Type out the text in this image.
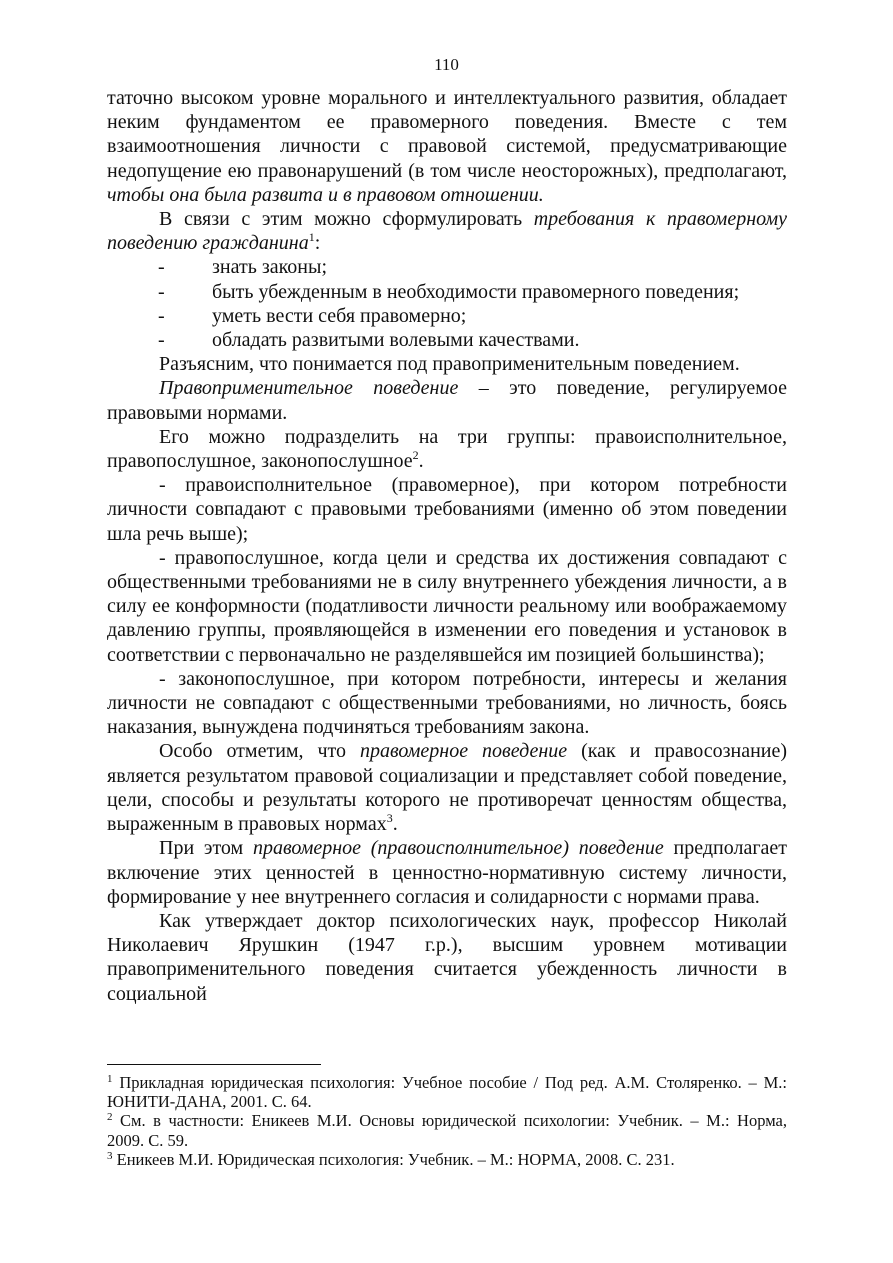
110

таточно высоком уровне морального и интеллектуального развития, обладает неким фундаментом ее правомерного поведения. Вместе с тем взаимоотношения личности с правовой системой, предусматривающие недопущение ею правонарушений (в том числе неосторожных), предполагают, чтобы она была развита и в правовом отношении.

В связи с этим можно сформулировать требования к правомерному поведению гражданина$^1$:

- знать законы;

- быть убежденным в необходимости правомерного поведения;

- уметь вести себя правомерно;

- обладать развитыми волевыми качествами.

Разъясним, что понимается под правоприменительным поведением.

Правоприменительное поведение – это поведение, регулируемое правовыми нормами.

Его можно подразделить на три группы: правоисполнительное, правопослушное, законопослушное$^2$.

- правоисполнительное (правомерное), при котором потребности личности совпадают с правовыми требованиями (именно об этом поведении шла речь выше);

- правопослушное, когда цели и средства их достижения совпадают с общественными требованиями не в силу внутреннего убеждения личности, а в силу ее конформности (податливости личности реальному или воображаемому давлению группы, проявляющейся в изменении его поведения и установок в соответствии с первоначально не разделявшейся им позицией большинства);

- законопослушное, при котором потребности, интересы и желания личности не совпадают с общественными требованиями, но личность, боясь наказания, вынуждена подчиняться требованиям закона.

Особо отметим, что правомерное поведение (как и правосознание) является результатом правовой социализации и представляет собой поведение, цели, способы и результаты которого не противоречат ценностям общества, выраженным в правовых нормах$^3$.

При этом правомерное (правоисполнительное) поведение предполагает включение этих ценностей в ценностно-нормативную систему личности, формирование у нее внутреннего согласия и солидарности с нормами права.

Как утверждает доктор психологических наук, профессор Николай Николаевич Ярушкин (1947 г.р.), высшим уровнем мотивации правоприменительного поведения считается убежденность личности в социальной

$^1$ Прикладная юридическая психология: Учебное пособие / Под ред. А.М. Столяренко. – М.: ЮНИТИ-ДАНА, 2001. С. 64.

$^2$ См. в частности: Еникеев М.И. Основы юридической психологии: Учебник. – М.: Норма, 2009. С. 59.

$^3$ Еникеев М.И. Юридическая психология: Учебник. – М.: НОРМА, 2008. С. 231.
